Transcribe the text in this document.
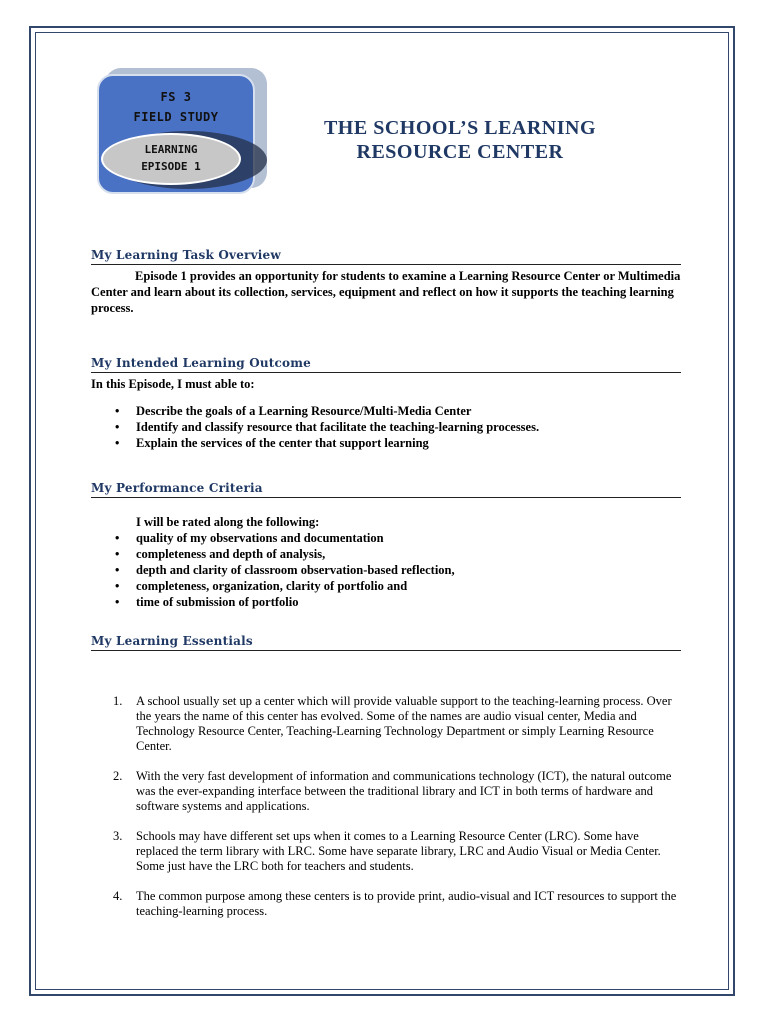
FS 3
FIELD STUDY
LEARNING
EPISODE 1
THE SCHOOL’S LEARNING
RESOURCE CENTER
My Learning Task Overview
Episode 1 provides an opportunity for students to examine a Learning Resource Center or Multimedia Center and learn about its collection, services, equipment and reflect on how it supports the teaching learning process.
My Intended Learning Outcome
In this Episode, I must able to:
• Describe the goals of a Learning Resource/Multi-Media Center
• Identify and classify resource that facilitate the teaching-learning processes.
• Explain the services of the center that support learning
My Performance Criteria
I will be rated along the following:
• quality of my observations and documentation
• completeness and depth of analysis,
• depth and clarity of classroom observation-based reflection,
• completeness, organization, clarity of portfolio and
• time of submission of portfolio
My Learning Essentials
1. A school usually set up a center which will provide valuable support to the teaching-learning process. Over the years the name of this center has evolved. Some of the names are audio visual center, Media and Technology Resource Center, Teaching-Learning Technology Department or simply Learning Resource Center.
2. With the very fast development of information and communications technology (ICT), the natural outcome was the ever-expanding interface between the traditional library and ICT in both terms of hardware and software systems and applications.
3. Schools may have different set ups when it comes to a Learning Resource Center (LRC). Some have replaced the term library with LRC. Some have separate library, LRC and Audio Visual or Media Center. Some just have the LRC both for teachers and students.
4. The common purpose among these centers is to provide print, audio-visual and ICT resources to support the teaching-learning process.
